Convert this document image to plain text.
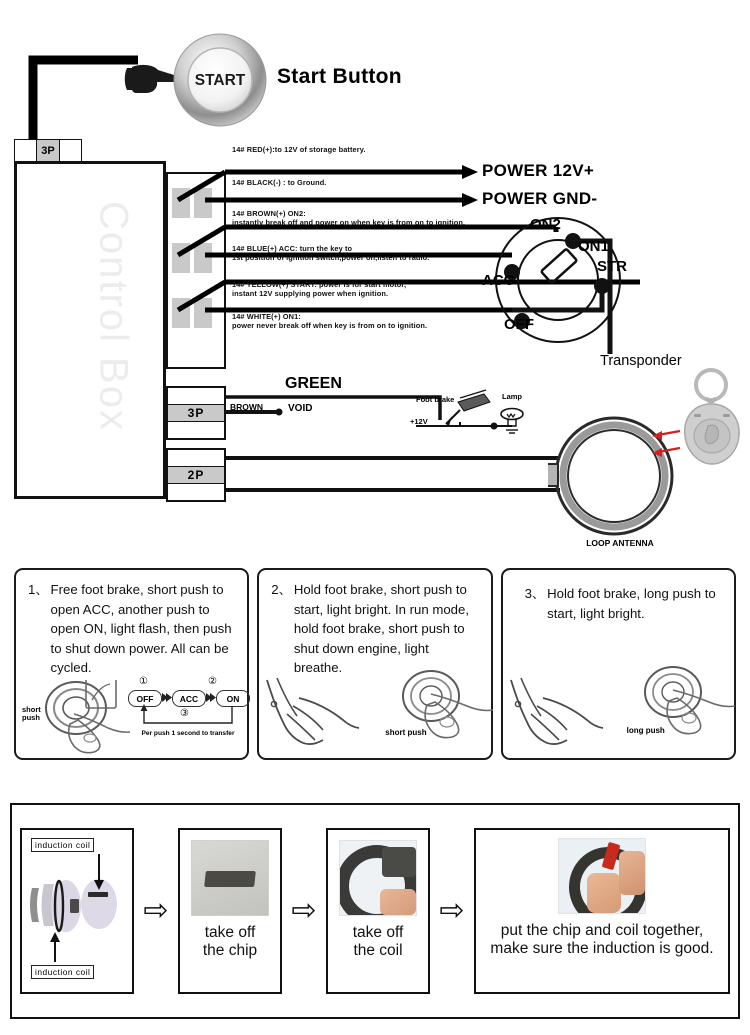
START Start Button
3P
Control Box
14# RED(+):to 12V of storage battery.
14# BLACK(-) : to Ground.
14# BROWN(+) ON2:
instantly break off and power on when key is from on to ignition.
14# BLUE(+) ACC: turn the key to
1st position of ignition switch,power on,listen to radio.
14# YELLOW(+) START: power is for start motor,
instant 12V supplying power when ignition.
14# WHITE(+) ON1:
power never break off when key is from on to ignition.
POWER 12V+
POWER GND-
ON2
ON1
STR
ACC
OFF
3P
2P
GREEN
BROWN VOID
Foot brake
+12V
Lamp
LOOP ANTENNA
Transponder
1、 Free foot brake, short push to open ACC, another push to open ON, light flash, then push to shut down power. All can be cycled.
short push
①	②
OFF	ACC	ON
③
Per push 1 second to transfer
2、 Hold foot brake, short push to start, light bright. In run mode, hold foot brake, short push to shut down engine, light breathe.
short push
3、 Hold foot brake, long push to start, light bright.
long push
induction coil
induction coil
⇨
take off
the chip
⇨
take off
the coil
⇨
put the chip and coil together,
make sure the induction is good.
